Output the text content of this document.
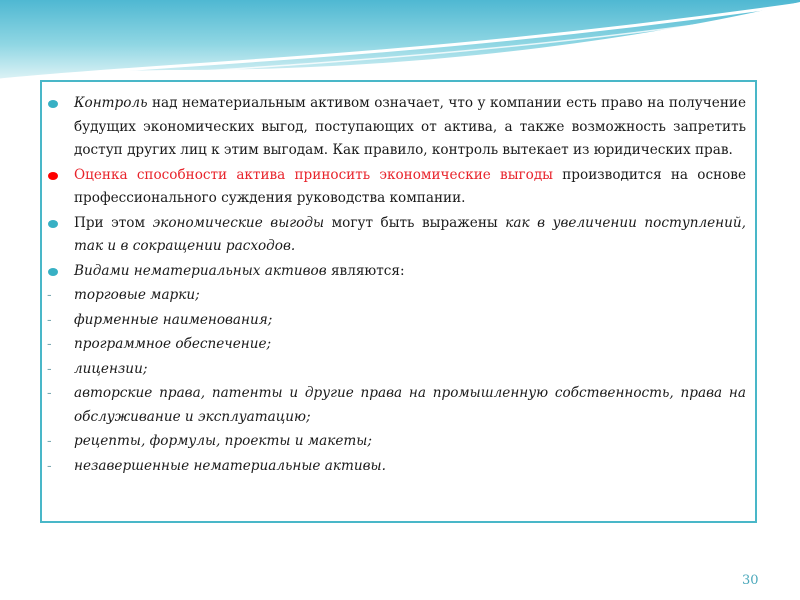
Контроль над нематериальным активом означает, что у компании есть право на получение будущих экономических выгод, поступающих от актива, а также возможность запретить доступ других лиц к этим выгодам. Как правило, контроль вытекает из юридических прав.

Оценка способности актива приносить экономические выгоды производится на основе профессионального суждения руководства компании.

При этом экономические выгоды могут быть выражены как в увеличении поступлений, так и в сокращении расходов.

Видами нематериальных активов являются:

- торговые марки;
- фирменные наименования;
- программное обеспечение;
- лицензии;
- авторские права, патенты и другие права на промышленную собственность, права на обслуживание и эксплуатацию;
- рецепты, формулы, проекты и макеты;
- незавершенные нематериальные активы.
30
